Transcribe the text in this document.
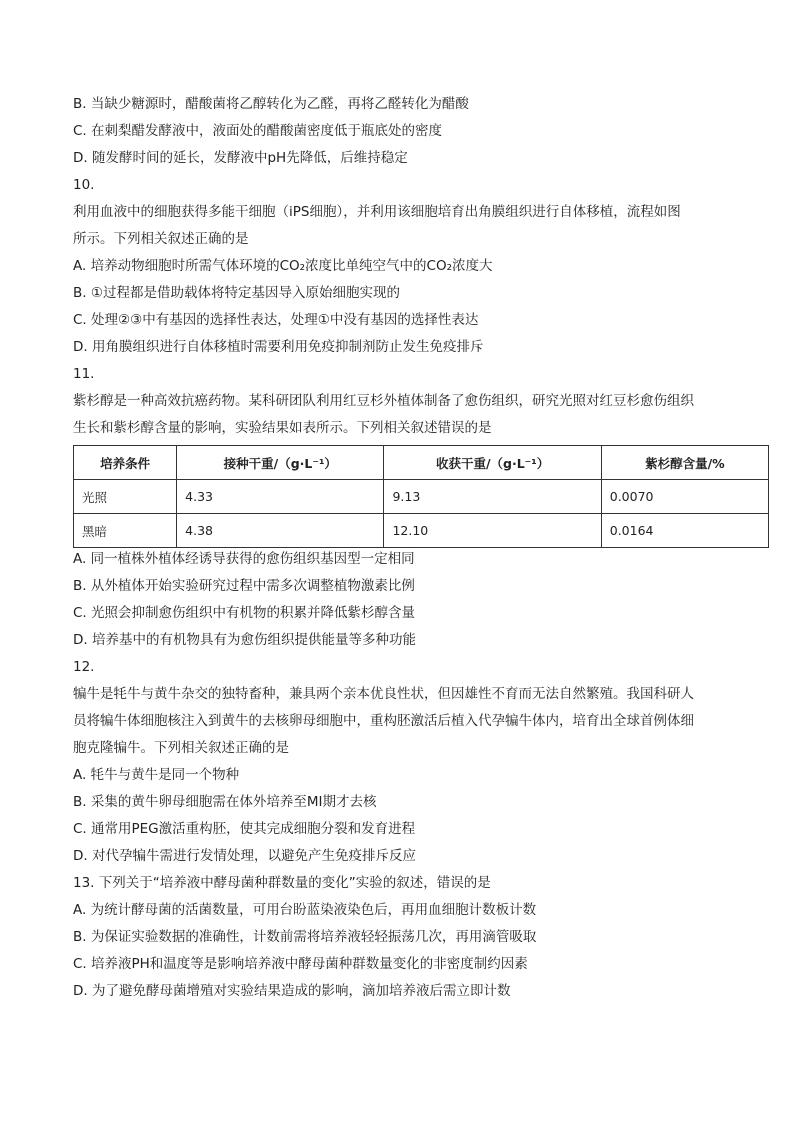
B. 当缺少糖源时，醋酸菌将乙醇转化为乙醛，再将乙醛转化为醋酸
C. 在刺梨醋发酵液中，液面处的醋酸菌密度低于瓶底处的密度
D. 随发酵时间的延长，发酵液中pH先降低，后维持稳定
10.
利用血液中的细胞获得多能干细胞（iPS细胞），并利用该细胞培育出角膜组织进行自体移植，流程如图
所示。下列相关叙述正确的是
A. 培养动物细胞时所需气体环境的CO₂浓度比单纯空气中的CO₂浓度大
B. ①过程都是借助载体将特定基因导入原始细胞实现的
C. 处理②③中有基因的选择性表达，处理①中没有基因的选择性表达
D. 用角膜组织进行自体移植时需要利用免疫抑制剂防止发生免疫排斥
11.
紫杉醇是一种高效抗癌药物。某科研团队利用红豆杉外植体制备了愈伤组织，研究光照对红豆杉愈伤组织
生长和紫杉醇含量的影响，实验结果如表所示。下列相关叙述错误的是
培养条件	接种干重/（g·L⁻¹）	收获干重/（g·L⁻¹）	紫杉醇含量/%
光照	4.33	9.13	0.0070
黑暗	4.38	12.10	0.0164
A. 同一植株外植体经诱导获得的愈伤组织基因型一定相同
B. 从外植体开始实验研究过程中需多次调整植物激素比例
C. 光照会抑制愈伤组织中有机物的积累并降低紫杉醇含量
D. 培养基中的有机物具有为愈伤组织提供能量等多种功能
12.
犏牛是牦牛与黄牛杂交的独特畜种，兼具两个亲本优良性状，但因雄性不育而无法自然繁殖。我国科研人
员将犏牛体细胞核注入到黄牛的去核卵母细胞中，重构胚激活后植入代孕犏牛体内，培育出全球首例体细
胞克隆犏牛。下列相关叙述正确的是
A. 牦牛与黄牛是同一个物种
B. 采集的黄牛卵母细胞需在体外培养至MⅠ期才去核
C. 通常用PEG激活重构胚，使其完成细胞分裂和发育进程
D. 对代孕犏牛需进行发情处理，以避免产生免疫排斥反应
13. 下列关于“培养液中酵母菌种群数量的变化”实验的叙述，错误的是
A. 为统计酵母菌的活菌数量，可用台盼蓝染液染色后，再用血细胞计数板计数
B. 为保证实验数据的准确性，计数前需将培养液轻轻振荡几次，再用滴管吸取
C. 培养液PH和温度等是影响培养液中酵母菌种群数量变化的非密度制约因素
D. 为了避免酵母菌增殖对实验结果造成的影响，滴加培养液后需立即计数
